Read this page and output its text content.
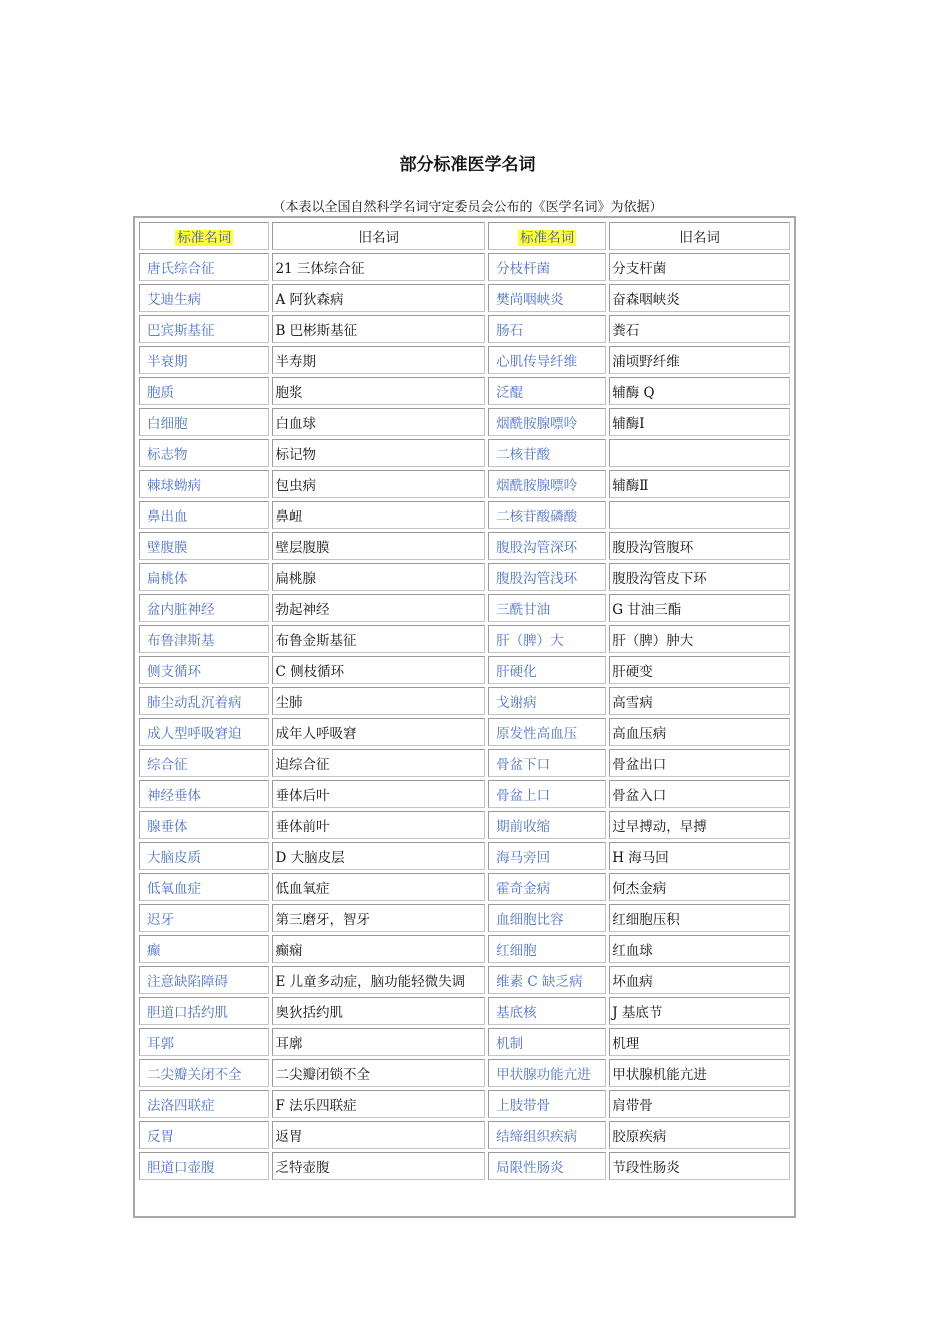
部分标准医学名词
（本表以全国自然科学名词守定委员会公布的《医学名词》为依据）
标准名词	旧名词	标准名词	旧名词
唐氏综合征	21 三体综合征	分枝杆菌	分支杆菌
艾迪生病	A 阿狄森病	樊尚咽峡炎	奋森咽峡炎
巴宾斯基征	B 巴彬斯基征	肠石	粪石
半衰期	半寿期	心肌传导纤维	浦顷野纤维
胞质	胞浆	泛醌	辅酶 Q
白细胞	白血球	烟酰胺腺嘌呤	辅酶Ⅰ
标志物	标记物	二核苷酸	
棘球蚴病	包虫病	烟酰胺腺嘌呤	辅酶Ⅱ
鼻出血	鼻衄	二核苷酸磷酸	
壁腹膜	壁层腹膜	腹股沟管深环	腹股沟管腹环
扁桃体	扁桃腺	腹股沟管浅环	腹股沟管皮下环
盆内脏神经	勃起神经	三酰甘油	G 甘油三酯
布鲁津斯基	布鲁金斯基征	肝（脾）大	肝（脾）肿大
侧支循环	C 侧枝循环	肝硬化	肝硬变
肺尘动乱沉着病	尘肺	戈谢病	高雪病
成人型呼吸窘迫	成年人呼吸窘	原发性高血压	高血压病
综合征	迫综合征	骨盆下口	骨盆出口
神经垂体	垂体后叶	骨盆上口	骨盆入口
腺垂体	垂体前叶	期前收缩	过早搏动，早搏
大脑皮质	D 大脑皮层	海马旁回	H 海马回
低氧血症	低血氧症	霍奇金病	何杰金病
迟牙	第三磨牙，智牙	血细胞比容	红细胞压积
癫	癫痫	红细胞	红血球
注意缺陷障碍	E 儿童多动症，脑功能轻微失调	维素 C 缺乏病	坏血病
胆道口括约肌	奥狄括约肌	基底核	J 基底节
耳郭	耳廓	机制	机理
二尖瓣关闭不全	二尖瓣闭锁不全	甲状腺功能亢进	甲状腺机能亢进
法洛四联症	F 法乐四联症	上肢带骨	肩带骨
反胃	返胃	结缔组织疾病	胶原疾病
胆道口壶腹	乏特壶腹	局限性肠炎	节段性肠炎
